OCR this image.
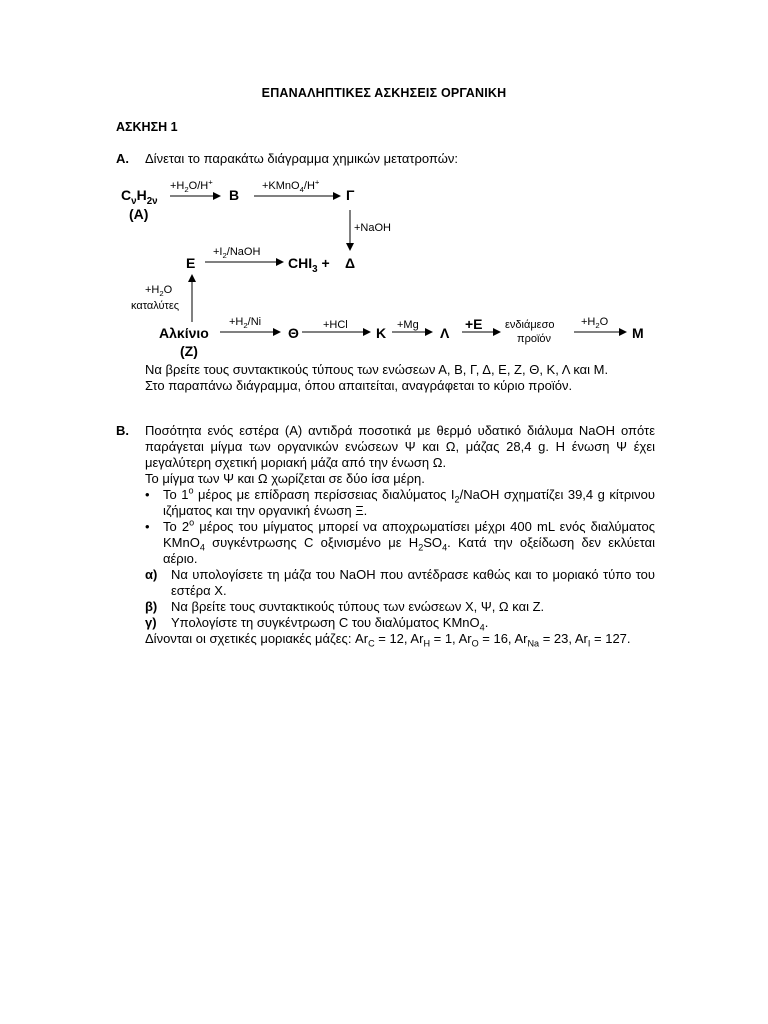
ΕΠΑΝΑΛΗΠΤΙΚΕΣ ΑΣΚΗΣΕΙΣ ΟΡΓΑΝΙΚΗ
ΑΣΚΗΣΗ 1
Α. Δίνεται το παρακάτω διάγραμμα χημικών μετατροπών:
$C_\nu H_{2\nu}$
(Α)
$+H_2O/H^+$
Β
+KMnO$_4$/H+
Γ
+NaOH
$+I_2$/NaOH
Ε	$CHI_3 + \Delta$
$+H_2O$
καταλύτες
Αλκίνιο
(Ζ)
$+H_2/Ni$
Θ +HCl Κ +Mg Λ
+Ε ενδιάμεσο
προϊόν
$+H_2O$
Μ

Να βρείτε τους συντακτικούς τύπους των ενώσεων Α, Β, Γ, Δ, Ε, Ζ, Θ, Κ, Λ και Μ.

Στο παραπάνω διάγραμμα, όπου απαιτείται, αναγράφεται το κύριο προϊόν.

Β. Ποσότητα ενός εστέρα (Α) αντιδρά ποσοτικά με θερμό υδατικό διάλυμα NaOH οπότε παράγεται μίγμα των οργανικών ενώσεων Ψ και Ω, μάζας 28,4 g. Η ένωση Ψ έχει μεγαλύτερη σχετική μοριακή μάζα από την ένωση Ω.

Το μίγμα των Ψ και Ω χωρίζεται σε δύο ίσα μέρη.

• Το $1^o$ μέρος με επίδραση περίσσειας διαλύματος $I_2$/NaOH σχηματίζει 39,4 g κίτρινου ιζήματος και την οργανική ένωση Ξ.
• Το $2^o$ μέρος του μίγματος μπορεί να αποχρωματίσει μέχρι 400 mL ενός διαλύματος KMnO$_4$ συγκέντρωσης C οξινισμένο με $H_2SO_4$. Κατά την οξείδωση δεν εκλύεται αέριο.
α) Να υπολογίσετε τη μάζα του NaOH που αντέδρασε καθώς και το μοριακό τύπο του εστέρα Χ.
β) Να βρείτε τους συντακτικούς τύπους των ενώσεων Χ, Ψ, Ω και Ζ.
γ) Υπολογίστε τη συγκέντρωση C του διαλύματος KMnO$_4$.

Δίνονται οι σχετικές μοριακές μάζες: $Ar_C = 12$, $Ar_H = 1$, $Ar_O = 16$, $Ar_{Na} = 23$, $Ar_I = 127$.
